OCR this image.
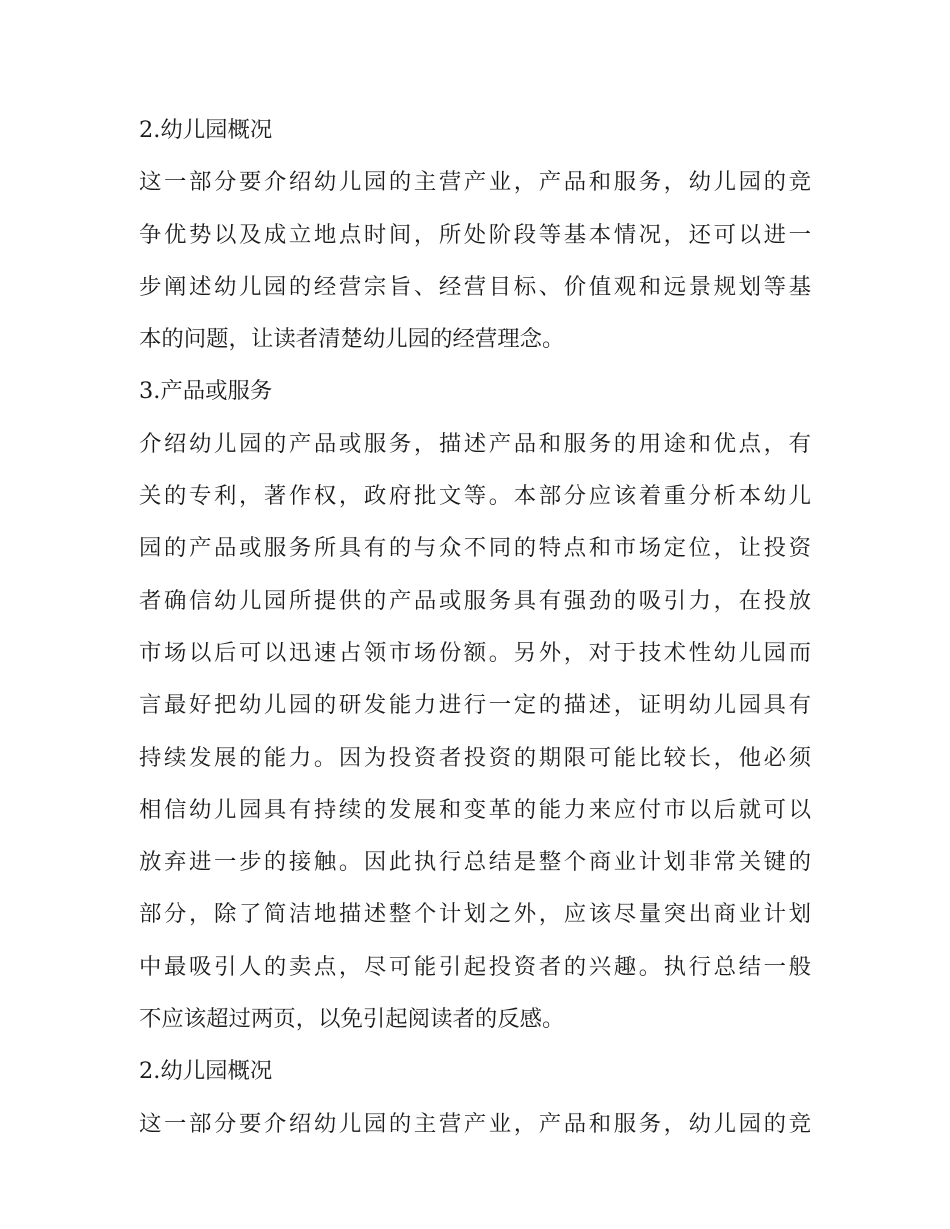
2.幼儿园概况
这一部分要介绍幼儿园的主营产业，产品和服务，幼儿园的竞
争优势以及成立地点时间，所处阶段等基本情况，还可以进一
步阐述幼儿园的经营宗旨、经营目标、价值观和远景规划等基
本的问题，让读者清楚幼儿园的经营理念。
3.产品或服务
介绍幼儿园的产品或服务，描述产品和服务的用途和优点，有
关的专利，著作权，政府批文等。本部分应该着重分析本幼儿
园的产品或服务所具有的与众不同的特点和市场定位，让投资
者确信幼儿园所提供的产品或服务具有强劲的吸引力，在投放
市场以后可以迅速占领市场份额。另外，对于技术性幼儿园而
言最好把幼儿园的研发能力进行一定的描述，证明幼儿园具有
持续发展的能力。因为投资者投资的期限可能比较长，他必须
相信幼儿园具有持续的发展和变革的能力来应付市以后就可以
放弃进一步的接触。因此执行总结是整个商业计划非常关键的
部分，除了简洁地描述整个计划之外，应该尽量突出商业计划
中最吸引人的卖点，尽可能引起投资者的兴趣。执行总结一般
不应该超过两页，以免引起阅读者的反感。
2.幼儿园概况
这一部分要介绍幼儿园的主营产业，产品和服务，幼儿园的竞
